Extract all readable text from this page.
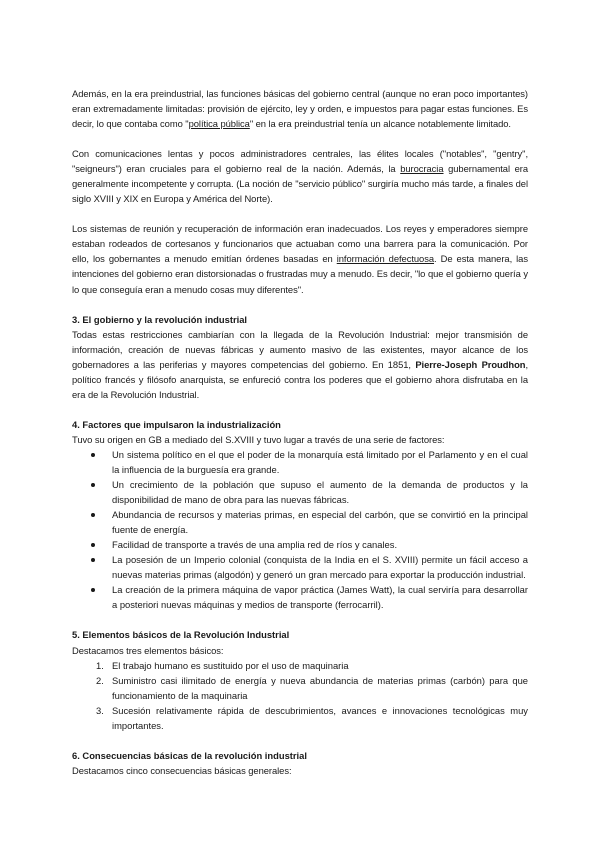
Además, en la era preindustrial, las funciones básicas del gobierno central (aunque no eran poco importantes) eran extremadamente limitadas: provisión de ejército, ley y orden, e impuestos para pagar estas funciones. Es decir, lo que contaba como "política pública" en la era preindustrial tenía un alcance notablemente limitado.

Con comunicaciones lentas y pocos administradores centrales, las élites locales ("notables", "gentry", "seigneurs") eran cruciales para el gobierno real de la nación. Además, la burocracia gubernamental era generalmente incompetente y corrupta. (La noción de "servicio público" surgiría mucho más tarde, a finales del siglo XVIII y XIX en Europa y América del Norte).

Los sistemas de reunión y recuperación de información eran inadecuados. Los reyes y emperadores siempre estaban rodeados de cortesanos y funcionarios que actuaban como una barrera para la comunicación. Por ello, los gobernantes a menudo emitían órdenes basadas en información defectuosa. De esta manera, las intenciones del gobierno eran distorsionadas o frustradas muy a menudo. Es decir, "lo que el gobierno quería y lo que conseguía eran a menudo cosas muy diferentes".

3. El gobierno y la revolución industrial

Todas estas restricciones cambiarían con la llegada de la Revolución Industrial: mejor transmisión de información, creación de nuevas fábricas y aumento masivo de las existentes, mayor alcance de los gobernadores a las periferias y mayores competencias del gobierno. En 1851, Pierre-Joseph Proudhon, político francés y filósofo anarquista, se enfureció contra los poderes que el gobierno ahora disfrutaba en la era de la Revolución Industrial.

4. Factores que impulsaron la industrialización

Tuvo su origen en GB a mediado del S.XVIII y tuvo lugar a través de una serie de factores:

Un sistema político en el que el poder de la monarquía está limitado por el Parlamento y en el cual la influencia de la burguesía era grande.
Un crecimiento de la población que supuso el aumento de la demanda de productos y la disponibilidad de mano de obra para las nuevas fábricas.
Abundancia de recursos y materias primas, en especial del carbón, que se convirtió en la principal fuente de energía.
Facilidad de transporte a través de una amplia red de ríos y canales.
La posesión de un Imperio colonial (conquista de la India en el S. XVIII) permite un fácil acceso a nuevas materias primas (algodón) y generó un gran mercado para exportar la producción industrial.
La creación de la primera máquina de vapor práctica (James Watt), la cual serviría para desarrollar a posteriori nuevas máquinas y medios de transporte (ferrocarril).

5. Elementos básicos de la Revolución Industrial

Destacamos tres elementos básicos:

1. El trabajo humano es sustituido por el uso de maquinaria
2. Suministro casi ilimitado de energía y nueva abundancia de materias primas (carbón) para que funcionamiento de la maquinaria
3. Sucesión relativamente rápida de descubrimientos, avances e innovaciones tecnológicas muy importantes.

6. Consecuencias básicas de la revolución industrial

Destacamos cinco consecuencias básicas generales:
